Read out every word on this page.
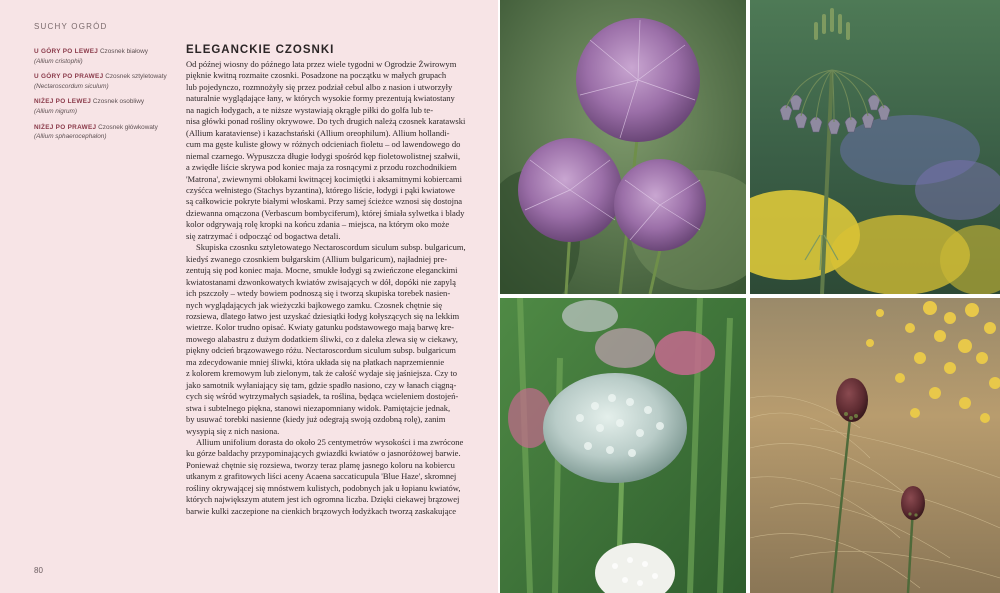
SUCHY OGRÓD
U GÓRY PO LEWEJ Czosnek białowy
(Allium cristophii)
U GÓRY PO PRAWEJ Czosnek sztyletowaty
(Nectaroscordum siculum)
NIŻEJ PO LEWEJ Czosnek osobliwy
(Allium nigrum)
NIŻEJ PO PRAWEJ Czosnek główkowaty
(Allium sphaerocephalon)
ELEGANCKIE CZOSNKI

Od późnej wiosny do późnego lata przez wiele tygodni w Ogrodzie Żwirowym
pięknie kwitną rozmaite czosnki. Posadzone na początku w małych grupach
lub pojedynczo, rozmnożyły się przez podział cebul albo z nasion i utworzyły
naturalnie wyglądające łany, w których wysokie formy prezentują kwiatostany
na nagich łodygach, a te niższe wystawiają okrągłe piłki do golfa lub te-
nisa główki ponad rośliny okrywowe. Do tych drugich należą czosnek karatawski
(Allium karataviense) i kazachstański (Allium oreophilum). Allium hollandi-
cum ma gęste kuliste głowy w różnych odcieniach fioletu – od lawendowego do
niemal czarnego. Wypuszcza długie łodygi spośród kęp fioletowolistnej szałwii,
a zwiędłe liście skrywa pod koniec maja za rosnącymi z przodu rozchodnikiem
'Matrona', zwiewnymi obłokami kwitnącej kocimiętki i aksamitnymi kobiercami
czyśćca wełnistego (Stachys byzantina), którego liście, łodygi i pąki kwiatowe
są całkowicie pokryte białymi włoskami. Przy samej ścieżce wznosi się dostojna
dziewanna omączona (Verbascum bombyciferum), której śmiała sylwetka i blady
kolor odgrywają rolę kropki na końcu zdania – miejsca, na którym oko może
się zatrzymać i odpocząć od bogactwa detali.

Skupiska czosnku sztyletowatego Nectaroscordum siculum subsp. bulgaricum,
kiedyś zwanego czosnkiem bułgarskim (Allium bulgaricum), najładniej pre-
zentują się pod koniec maja. Mocne, smukłe łodygi są zwieńczone eleganckimi
kwiatostanami dzwonkowatych kwiatów zwisających w dół, dopóki nie zapylą
ich pszczoły – wtedy bowiem podnoszą się i tworzą skupiska torebek nasien-
nych wyglądających jak wieżyczki bajkowego zamku. Czosnek chętnie się
rozsiewa, dlatego łatwo jest uzyskać dziesiątki łodyg kołyszących się na lekkim
wietrze. Kolor trudno opisać. Kwiaty gatunku podstawowego mają barwę kre-
mowego alabastru z dużym dodatkiem śliwki, co z daleka zlewa się w ciekawy,
piękny odcień brązowawego różu. Nectaroscordum siculum subsp. bulgaricum
ma zdecydowanie mniej śliwki, która układa się na płatkach naprzemiennie
z kolorem kremowym lub zielonym, tak że całość wydaje się jaśniejsza. Czy to
jako samotnik wyłaniający się tam, gdzie spadło nasiono, czy w łanach ciągną-
cych się wśród wytrzymałych sąsiadek, ta roślina, będąca wcieleniem dostojeń-
stwa i subtelnego piękna, stanowi niezapomniany widok. Pamiętajcie jednak,
by usuwać torebki nasienne (kiedy już odegrają swoją ozdobną rolę), zanim
wysypią się z nich nasiona.

Allium unifolium dorasta do około 25 centymetrów wysokości i ma zwrócone
ku górze baldachy przypominających gwiazdki kwiatów o jasnoróżowej barwie.
Ponieważ chętnie się rozsiewa, tworzy teraz plamę jasnego koloru na kobiercu
utkanym z grafitowych liści aceny Acaena saccaticupula 'Blue Haze', skromnej
rośliny okrywającej się mnóstwem kulistych, podobnych jak u łopianu kwiatów,
których największym atutem jest ich ogromna liczba. Dzięki ciekawej brązowej
barwie kulki zaczepione na cienkich brązowych łodyżkach tworzą zaskakujące

80
